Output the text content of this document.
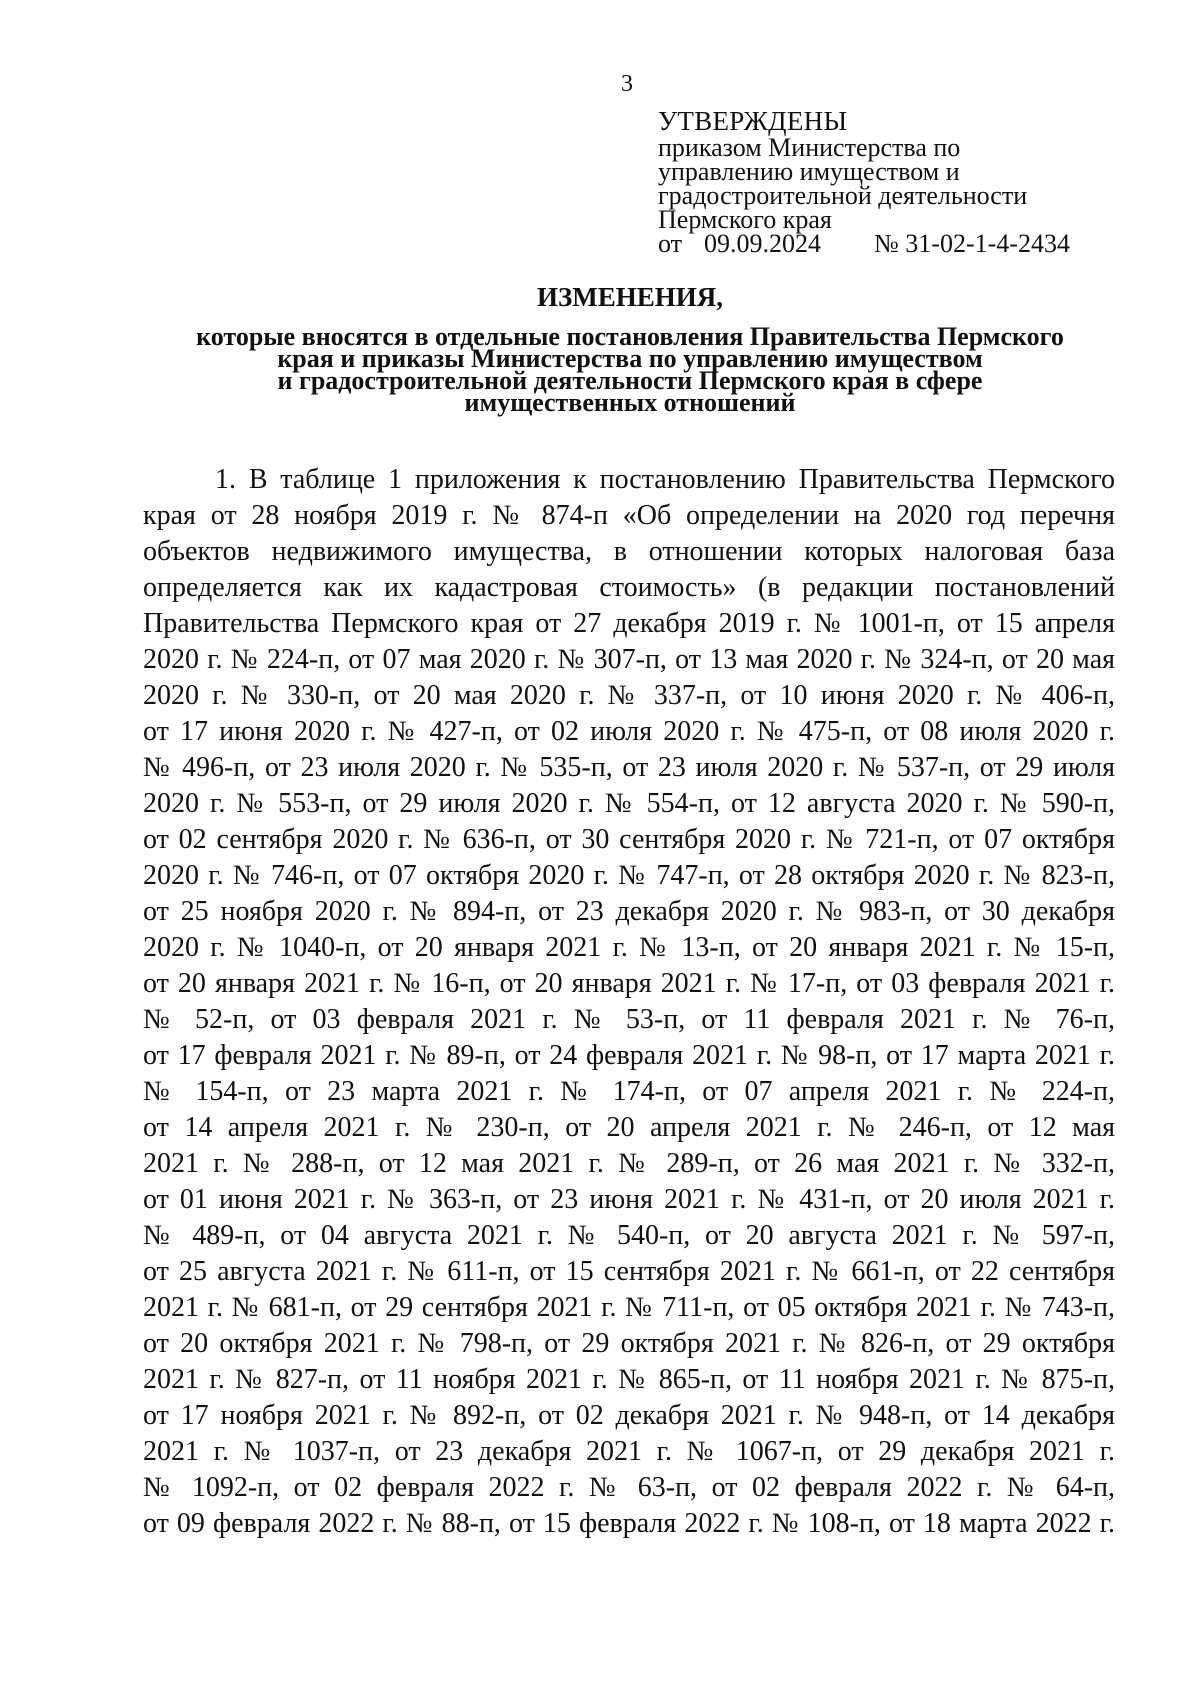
3
УТВЕРЖДЕНЫ
приказом Министерства по
управлению имуществом и
градостроительной деятельности
Пермского края
от 09.09.2024	№ 31-02-1-4-2434
ИЗМЕНЕНИЯ,
которые вносятся в отдельные постановления Правительства Пермского
края и приказы Министерства по управлению имуществом
и градостроительной деятельности Пермского края в сфере
имущественных отношений
1. В таблице 1 приложения к постановлению Правительства Пермского
края от 28 ноября 2019 г. № 874-п «Об определении на 2020 год перечня
объектов недвижимого имущества, в отношении которых налоговая база
определяется как их кадастровая стоимость» (в редакции постановлений
Правительства Пермского края от 27 декабря 2019 г. № 1001-п, от 15 апреля
2020 г. № 224-п, от 07 мая 2020 г. № 307-п, от 13 мая 2020 г. № 324-п, от 20 мая
2020 г. № 330-п, от 20 мая 2020 г. № 337-п, от 10 июня 2020 г. № 406-п,
от 17 июня 2020 г. № 427-п, от 02 июля 2020 г. № 475-п, от 08 июля 2020 г.
№ 496-п, от 23 июля 2020 г. № 535-п, от 23 июля 2020 г. № 537-п, от 29 июля
2020 г. № 553-п, от 29 июля 2020 г. № 554-п, от 12 августа 2020 г. № 590-п,
от 02 сентября 2020 г. № 636-п, от 30 сентября 2020 г. № 721-п, от 07 октября
2020 г. № 746-п, от 07 октября 2020 г. № 747-п, от 28 октября 2020 г. № 823-п,
от 25 ноября 2020 г. № 894-п, от 23 декабря 2020 г. № 983-п, от 30 декабря
2020 г. № 1040-п, от 20 января 2021 г. № 13-п, от 20 января 2021 г. № 15-п,
от 20 января 2021 г. № 16-п, от 20 января 2021 г. № 17-п, от 03 февраля 2021 г.
№ 52-п, от 03 февраля 2021 г. № 53-п, от 11 февраля 2021 г. № 76-п,
от 17 февраля 2021 г. № 89-п, от 24 февраля 2021 г. № 98-п, от 17 марта 2021 г.
№ 154-п, от 23 марта 2021 г. № 174-п, от 07 апреля 2021 г. № 224-п,
от 14 апреля 2021 г. № 230-п, от 20 апреля 2021 г. № 246-п, от 12 мая
2021 г. № 288-п, от 12 мая 2021 г. № 289-п, от 26 мая 2021 г. № 332-п,
от 01 июня 2021 г. № 363-п, от 23 июня 2021 г. № 431-п, от 20 июля 2021 г.
№ 489-п, от 04 августа 2021 г. № 540-п, от 20 августа 2021 г. № 597-п,
от 25 августа 2021 г. № 611-п, от 15 сентября 2021 г. № 661-п, от 22 сентября
2021 г. № 681-п, от 29 сентября 2021 г. № 711-п, от 05 октября 2021 г. № 743-п,
от 20 октября 2021 г. № 798-п, от 29 октября 2021 г. № 826-п, от 29 октября
2021 г. № 827-п, от 11 ноября 2021 г. № 865-п, от 11 ноября 2021 г. № 875-п,
от 17 ноября 2021 г. № 892-п, от 02 декабря 2021 г. № 948-п, от 14 декабря
2021 г. № 1037-п, от 23 декабря 2021 г. № 1067-п, от 29 декабря 2021 г.
№ 1092-п, от 02 февраля 2022 г. № 63-п, от 02 февраля 2022 г. № 64-п,
от 09 февраля 2022 г. № 88-п, от 15 февраля 2022 г. № 108-п, от 18 марта 2022 г.
